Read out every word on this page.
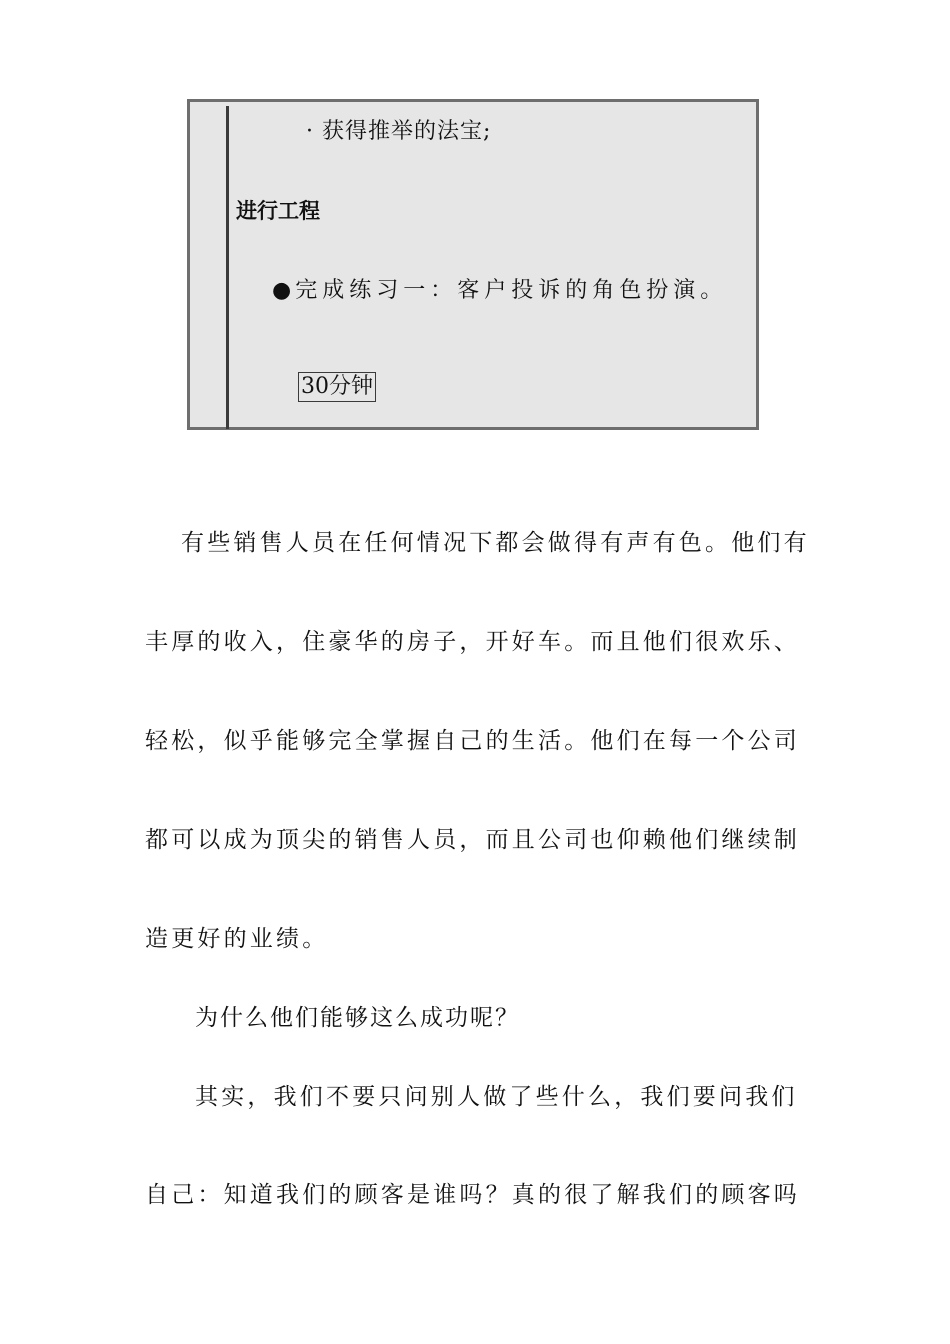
· 获得推举的法宝;
进行工程
● 完成练习一：客户投诉的角色扮演。
30分钟
有些销售人员在任何情况下都会做得有声有色。他们有
丰厚的收入，住豪华的房子，开好车。而且他们很欢乐、
轻松，似乎能够完全掌握自己的生活。他们在每一个公司
都可以成为顶尖的销售人员，而且公司也仰赖他们继续制
造更好的业绩。
为什么他们能够这么成功呢？
其实，我们不要只问别人做了些什么，我们要问我们
自己：知道我们的顾客是谁吗？真的很了解我们的顾客吗
